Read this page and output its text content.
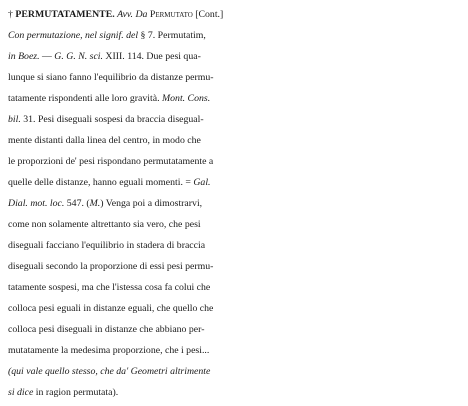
† PERMUTATAMENTE. Avv. Da Permutato [Cont.]
Con permutazione, nel signif. del § 7. Permutatim,
in Boez. — G. G. N. sci. XIII. 114. Due pesi qua-
lunque si siano fanno l'equilibrio da distanze permu-
tatamente rispondenti alle loro gravità. Mont. Cons.
bil. 31. Pesi diseguali sospesi da braccia disegual-
mente distanti dalla linea del centro, in modo che
le proporzioni de' pesi rispondano permutatamente a
quelle delle distanze, hanno eguali momenti. = Gal.
Dial. mot. loc. 547. (M.) Venga poi a dimostrarvi,
come non solamente altrettanto sia vero, che pesi
diseguali facciano l'equilibrio in stadera di braccia
diseguali secondo la proporzione di essi pesi permu-
tatamente sospesi, ma che l'istessa cosa fa colui che
colloca pesi eguali in distanze eguali, che quello che
colloca pesi diseguali in distanze che abbiano per-
mutatamente la medesima proporzione, che i pesi...
(qui vale quello stesso, che da' Geometri altrimente
si dice in ragion permutata).
